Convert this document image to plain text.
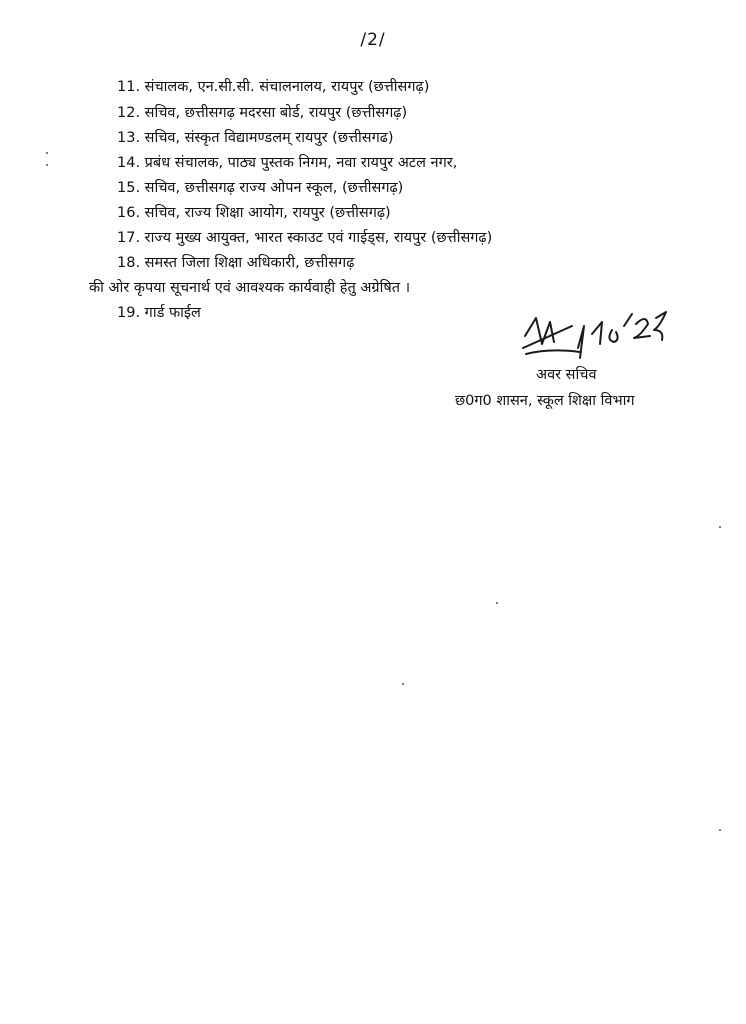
/2/
11. संचालक, एन.सी.सी. संचालनालय, रायपुर (छत्तीसगढ़)
12. सचिव, छत्तीसगढ़ मदरसा बोर्ड, रायपुर (छत्तीसगढ़)
13. सचिव, संस्कृत विद्यामण्डलम् रायपुर (छत्तीसगढ)
14. प्रबंध संचालक, पाठ्य पुस्तक निगम, नवा रायपुर अटल नगर,
15. सचिव, छत्तीसगढ़ राज्य ओपन स्कूल, (छत्तीसगढ़)
16. सचिव, राज्य शिक्षा आयोग, रायपुर (छत्तीसगढ़)
17. राज्य मुख्य आयुक्त, भारत स्काउट एवं गाईड्स, रायपुर (छत्तीसगढ़)
18. समस्त जिला शिक्षा अधिकारी, छत्तीसगढ़
की ओर कृपया सूचनार्थ एवं आवश्यक कार्यवाही हेतु अग्रेषित ।
19. गार्ड फाईल
अवर सचिव
छ0ग0 शासन, स्कूल शिक्षा विभाग
